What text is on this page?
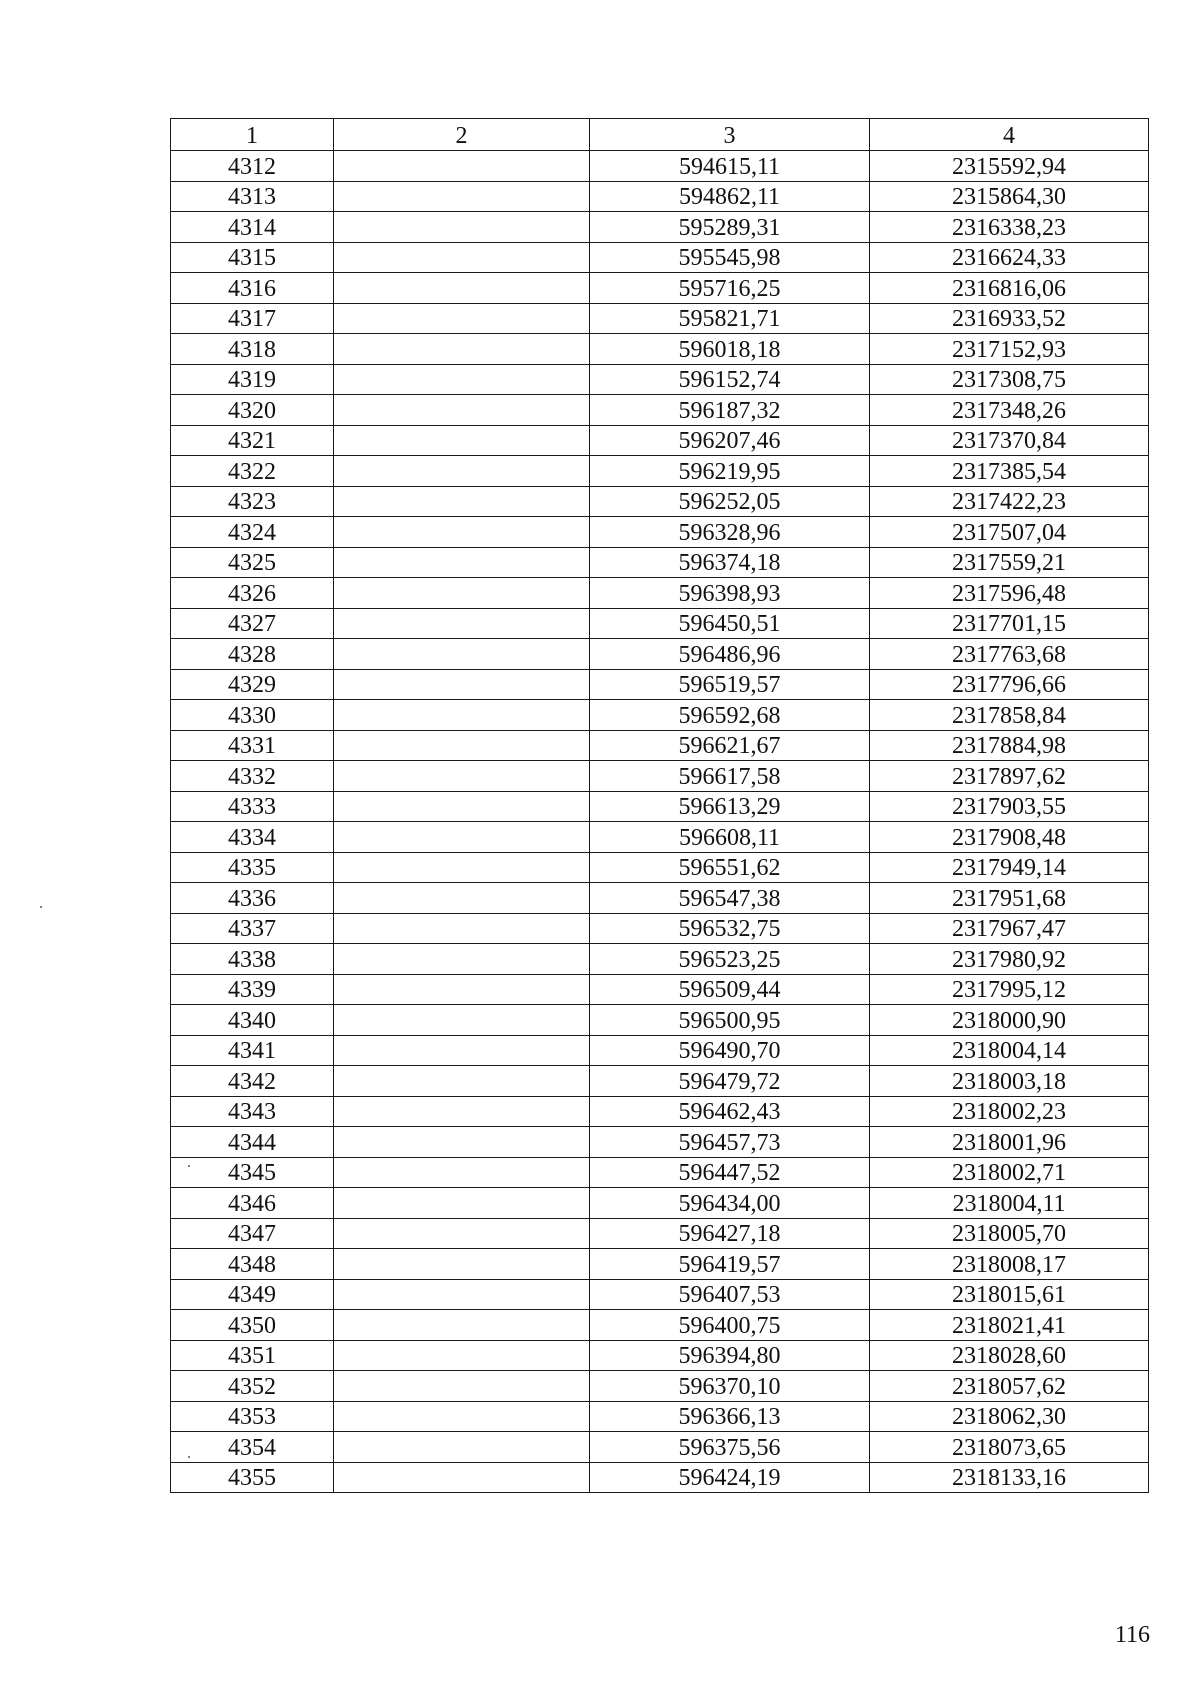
1	2	3	4
4312		594615,11	2315592,94
4313		594862,11	2315864,30
4314		595289,31	2316338,23
4315		595545,98	2316624,33
4316		595716,25	2316816,06
4317		595821,71	2316933,52
4318		596018,18	2317152,93
4319		596152,74	2317308,75
4320		596187,32	2317348,26
4321		596207,46	2317370,84
4322		596219,95	2317385,54
4323		596252,05	2317422,23
4324		596328,96	2317507,04
4325		596374,18	2317559,21
4326		596398,93	2317596,48
4327		596450,51	2317701,15
4328		596486,96	2317763,68
4329		596519,57	2317796,66
4330		596592,68	2317858,84
4331		596621,67	2317884,98
4332		596617,58	2317897,62
4333		596613,29	2317903,55
4334		596608,11	2317908,48
4335		596551,62	2317949,14
4336		596547,38	2317951,68
4337		596532,75	2317967,47
4338		596523,25	2317980,92
4339		596509,44	2317995,12
4340		596500,95	2318000,90
4341		596490,70	2318004,14
4342		596479,72	2318003,18
4343		596462,43	2318002,23
4344		596457,73	2318001,96
4345		596447,52	2318002,71
4346		596434,00	2318004,11
4347		596427,18	2318005,70
4348		596419,57	2318008,17
4349		596407,53	2318015,61
4350		596400,75	2318021,41
4351		596394,80	2318028,60
4352		596370,10	2318057,62
4353		596366,13	2318062,30
4354		596375,56	2318073,65
4355		596424,19	2318133,16
116
